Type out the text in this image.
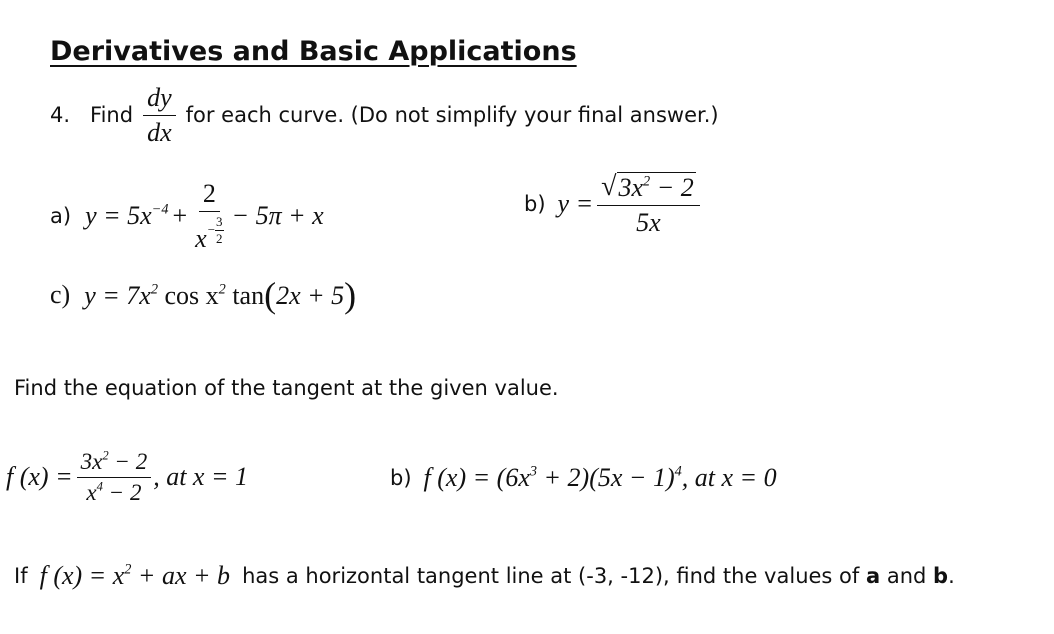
Derivatives and Basic Applications
4. Find $\frac{dy}{dx}$ for each curve. (Do not simplify your final answer.)
a) $y = 5x^{-4}$ +
2
$x - \frac{3}{2} - 5\pi + x$	b) $y = \frac{√ 3x^2 - 2}{5x}$
c) $y = 7x^2$ $\cos x^2$ tan(2x + 5)
Find the equation of the tangent at the given value.
f $(x) = \frac{3x^2 - 2}{x^4 - 2}$ , at x = 1	b) f $(x) = (6x^3 + 2)(5x - 1)^4$, at x = 0
If f $(x) = x^2$ + ax + b has a horizontal tangent line at (-3, -12), find the values of a and b.
